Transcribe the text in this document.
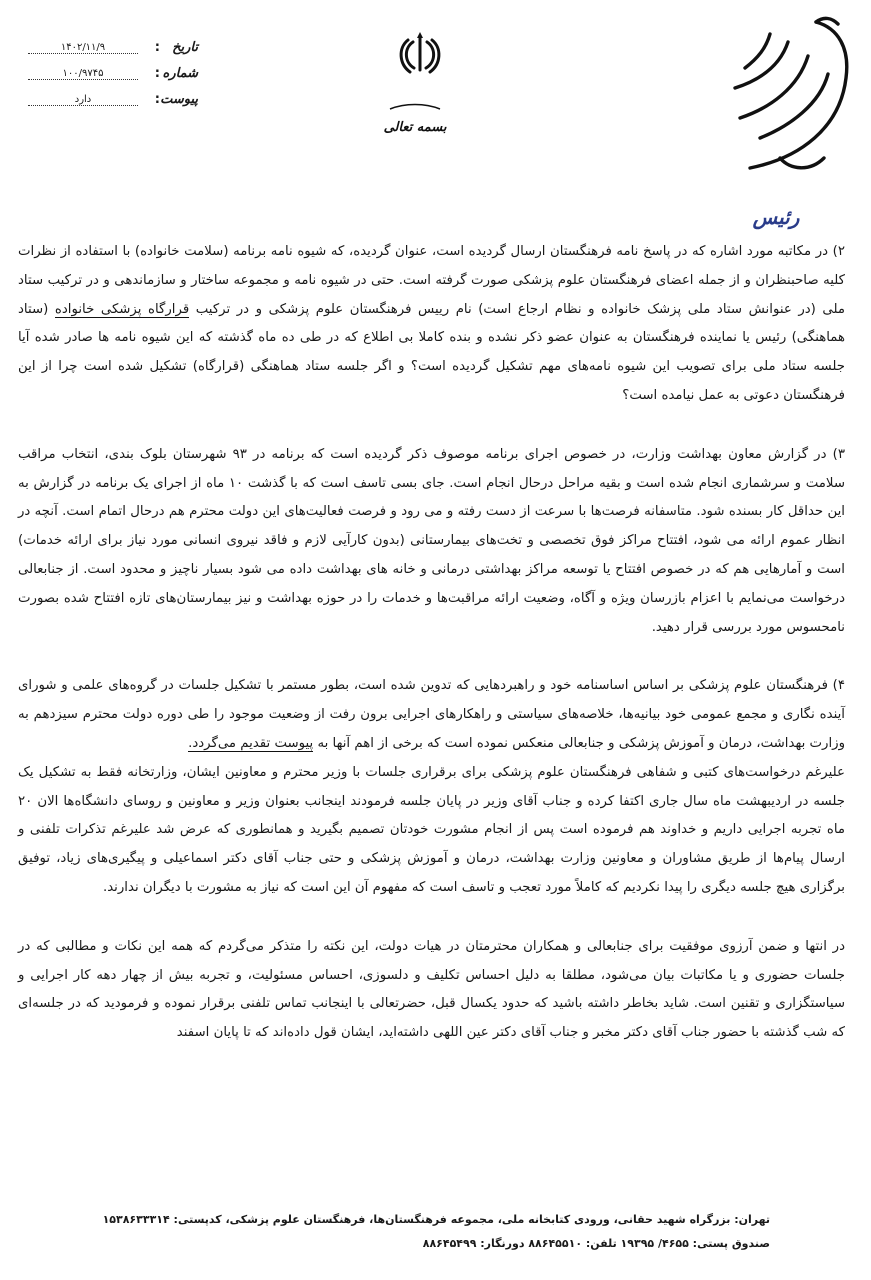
تاریخ
:
۱۴۰۲/۱۱/۹
شماره
:
۱۰۰/۹۷۴۵
پیوست
:
دارد
بسمه تعالی
رئیس

۲) در مکاتبه مورد اشاره که در پاسخ نامه فرهنگستان ارسال گردیده است، عنوان گردیده، که شیوه نامه برنامه (سلامت خانواده) با استفاده از نظرات کلیه صاحبنظران و از جمله اعضای فرهنگستان علوم پزشکی صورت گرفته است. حتی در شیوه نامه و مجموعه ساختار و سازماندهی و در ترکیب ستاد ملی (در عنوانش ستاد ملی پزشک خانواده و نظام ارجاع است) نام رییس فرهنگستان علوم پزشکی و در ترکیب قرارگاه پزشکی خانواده (ستاد هماهنگی) رئیس یا نماینده فرهنگستان به عنوان عضو ذکر نشده و بنده کاملا بی اطلاع که در طی ده ماه گذشته که این شیوه نامه ها صادر شده آیا جلسه ستاد ملی برای تصویب این شیوه نامه‌های مهم تشکیل گردیده است؟ و اگر جلسه ستاد هماهنگی (قرارگاه) تشکیل شده است چرا از این فرهنگستان دعوتی به عمل نیامده است؟

۳) در گزارش معاون بهداشت وزارت، در خصوص اجرای برنامه موصوف ذکر گردیده است که برنامه در ۹۳ شهرستان بلوک بندی، انتخاب مراقب سلامت و سرشماری انجام شده است و بقیه مراحل درحال انجام است. جای بسی تاسف است که با گذشت ۱۰ ماه از اجرای یک برنامه در گزارش به این حداقل کار بسنده شود. متاسفانه فرصت‌ها با سرعت از دست رفته و می رود و فرصت فعالیت‌های این دولت محترم هم درحال اتمام است. آنچه در انظار عموم ارائه می شود، افتتاح مراکز فوق تخصصی و تخت‌های بیمارستانی (بدون کارآیی لازم و فاقد نیروی انسانی مورد نیاز برای ارائه خدمات) است و آمارهایی هم که در خصوص افتتاح یا توسعه مراکز بهداشتی درمانی و خانه های بهداشت داده می شود بسیار ناچیز و محدود است. از جنابعالی درخواست می‌نمایم با اعزام بازرسان ویژه و آگاه، وضعیت ارائه مراقبت‌ها و خدمات را در حوزه بهداشت و نیز بیمارستان‌های تازه افتتاح شده بصورت نامحسوس مورد بررسی قرار دهید.

۴) فرهنگستان علوم پزشکی بر اساس اساسنامه خود و راهبردهایی که تدوین شده است، بطور مستمر با تشکیل جلسات در گروه‌های علمی و شورای آینده نگاری و مجمع عمومی خود بیانیه‌ها، خلاصه‌های سیاستی و راهکارهای اجرایی برون رفت از وضعیت موجود را طی دوره دولت محترم سیزدهم به وزارت بهداشت، درمان و آموزش پزشکی و جنابعالی منعکس نموده است که برخی از اهم آنها به پیوست تقدیم می‌گردد.
علیرغم درخواست‌های کتبی و شفاهی فرهنگستان علوم پزشکی برای برقراری جلسات با وزیر محترم و معاونین ایشان، وزارتخانه فقط به تشکیل یک جلسه در اردیبهشت ماه سال جاری اکتفا کرده و جناب آقای وزیر در پایان جلسه فرمودند اینجانب بعنوان وزیر و معاونین و روسای دانشگاه‌ها الان ۲۰ ماه تجربه اجرایی داریم و خداوند هم فرموده است پس از انجام مشورت خودتان تصمیم بگیرید و همانطوری که عرض شد علیرغم تذکرات تلفنی و ارسال پیام‌ها از طریق مشاوران و معاونین وزارت بهداشت، درمان و آموزش پزشکی و حتی جناب آقای دکتر اسماعیلی و پیگیری‌های زیاد، توفیق برگزاری هیچ جلسه دیگری را پیدا نکردیم که کاملاً مورد تعجب و تاسف است که مفهوم آن این است که نیاز به مشورت با دیگران ندارند.

در انتها و ضمن آرزوی موفقیت برای جنابعالی و همکاران محترمتان در هیات دولت، این نکته را متذکر می‌گردم که همه این نکات و مطالبی که در جلسات حضوری و یا مکاتبات بیان می‌شود، مطلقا به دلیل احساس تکلیف و دلسوزی، احساس مسئولیت، و تجربه بیش از چهار دهه کار اجرایی و سیاستگزاری و تقنین است. شاید بخاطر داشته باشید که حدود یکسال قبل، حضرتعالی با اینجانب تماس تلفنی برقرار نموده و فرمودید که در جلسه‌ای که شب گذشته با حضور جناب آقای دکتر مخبر و جناب آقای دکتر عین اللهی داشته‌اید، ایشان قول داده‌اند که تا پایان اسفند

تهران: بزرگراه شهید حقانی، ورودی کتابخانه ملی، مجموعه فرهنگستان‌ها، فرهنگستان علوم پزشکی، کدپستی: ۱۵۳۸۶۳۳۳۱۴
صندوق پستی: ۴۶۵۵/ ۱۹۳۹۵ تلفن: ۸۸۶۴۵۵۱۰ دورنگار: ۸۸۶۴۵۴۹۹
